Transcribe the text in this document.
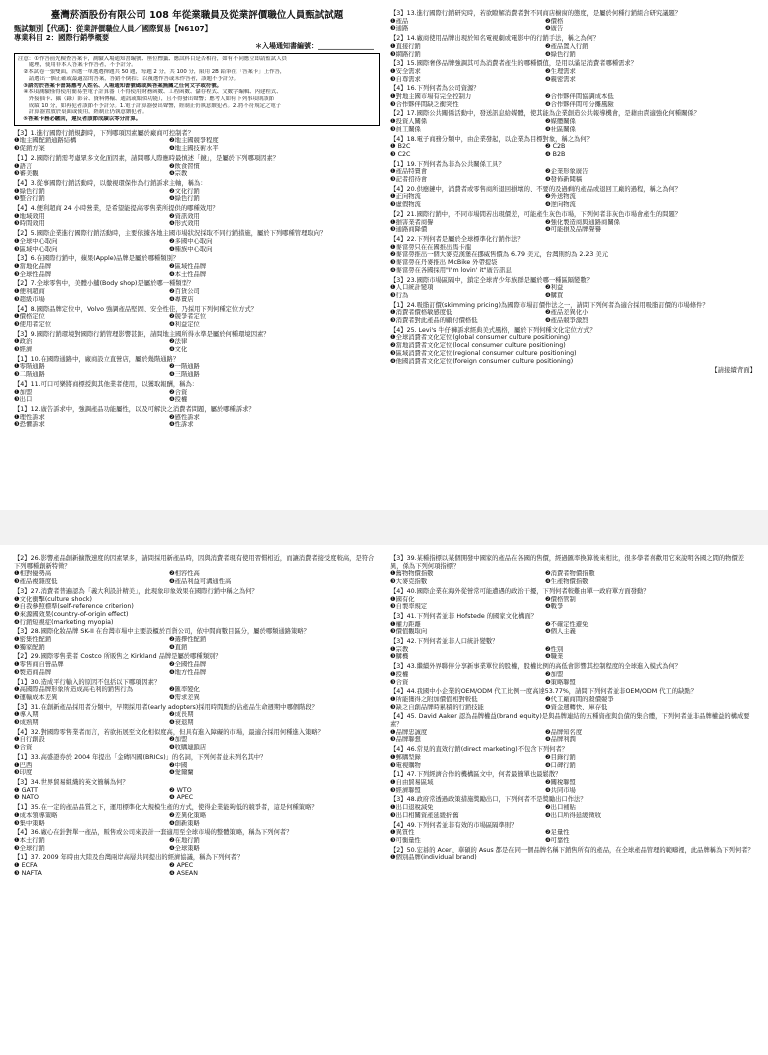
臺灣菸酒股份有限公司 108 年從業職員及從業評價職位人員甄試試題
甄試類別【代碼】：從業評價職位人員／國際貿易【N6107】
專業科目 2：國際行銷學概要
＊入場通知書編號：________________
注意：①作答前先檢查答案卡，測驗入場通知書編號、座位標籤、應試科目是否相符，如有不同應立即請監試人員
　　處理，使用非本人答案卡作答者，不予計分。
　②本試卷一張雙面，四選一單選選擇題共 50 題，每題 2 分，共 100 分，限用 2B 鉛筆在「答案卡」上作答，
　　請選出一個正確或最適當的答案，答錯不倒扣；以複選作答或未作答者，該題不予計分。
　③請勿於答案卡書寫應考人姓名、入場通知書號碼或與答案無關之任何文字或符號。
　④本項測驗僅得使用簡易型電子計算器（不得使用財務函數、工程函數、儲存程式、文數字編輯、內建程式、
　　外接插卡、攝（錄）影音、資料傳輸、通訊或類似功能），且不得發出聲響；應考人如有下列事項則該節
　　成績 10 分，如再犯者該節不予計分。1.電子計算器發出聲響，經制止仍執意續犯者。2.將不符規定之電子
　　計算器置放於桌面或使用，經制止仍執意續犯者。
　⑤答案卡務必繳回，違反者該節成績以零分計算。
【3】1.進行國際行銷規劃時，下列哪項因素屬於廠商可控制者？
❶地主國配銷通路結構	❷地主國競爭程度
❸促銷方案	❹地主國技術水平
【1】2.國際行銷需考慮眾多文化面因素，請問哪人際應時最慎述「鏡」，是屬於下列哪項因素？
❶語言	❷飲食習慣
❸審美觀	❹宗教
【4】3.從事國際行銷活動時，以徹視環保作為行銷訴求主軸，稱為：
❶綠色行銷	❷文化行銷
❸整合行銷	❹綠色行銷
【4】4.便利超商 24 小時營業，是希望能提高零售業所提供的哪種效用？
❶地域效用	❷資訊效用
❸時間效用	❹形式效用
【2】5.國際企業進行國際行銷活動時，主要依據各地主國市場狀況採取不同行銷措施，屬於下列哪種管理取向？
❶全球中心取向	❷多國中心取向
❸區域中心取向	❹種族中心取向
【3】6.在國際行銷中，蘋果(Apple)品牌是屬於哪種類別？
❶當地化品牌	❷區域性品牌
❸全球性品牌	❹本土性品牌
【2】7.全球零售中，美體小舖(Body shop)是屬於哪一種類型？
❶便利超商	❷百貨公司
❸超級市場	❹專賣店
【4】8.國際品牌定位中，Volvo 強調產品堅固、安全性佳，乃採用下列何種定位方式？
❶價格定位	❷競爭者定位
❸使用者定位	❹利益定位
【3】9.國際行銷環境對國際行銷管理影響甚鉅，請問地主國所得水準是屬於何種環境因素？
❶政治	❷法律
❸經濟	❹文化
【1】10.在國際通路中，廠商設立直營店，屬於幾階通路？
❶零階通路	❷一階通路
❸二階通路	❹三階通路
【4】11.可口可樂將商標授與其他業者使用，以獲取報酬，稱為：
❶加盟	❷合資
❸出口	❹授權
【1】12.廣告訴求中，強調產品功能屬性，以及可解決之消費者問題，屬於哪種訴求？
❶理性訴求	❷感性訴求
❸恐懼訴求	❹性訴求
【3】13.進行國際行銷研究時，若欲瞭解消費者對不同商店櫥窗的態度，是屬於何種行銷組合研究議題？
❶產品	❷價格
❸通路	❹廣告
【2】14.廠商使用品牌出現於知名電視劇或電影中的行銷手法，稱之為何？
❶直接行銷	❷產品置入行銷
❸網路行銷	❹綠色行銷
【3】15.國際奢侈品牌強調其可為消費者產生的哪種價值，是用以滿足消費者哪種需求？
❶安全需求	❷生理需求
❸自尊需求	❹親密需求
【4】16.下列何者為公司資源？
❶對地主國市場有完全控制力	❷合作夥伴間協調成本低
❸合作夥伴間缺乏衝突性	❹合作夥伴間可分攤風險
【2】17.國際公共關係活動中，發送訊息給媒體，使其能為企業創造公共報導機會，是藉由責適強化何種關係？
❶投資人關係	❷媒體關係
❸員工關係	❹社區關係
【4】18.電子商務分類中，由企業發起，以企業為目標對象，稱之為何？
❶ B2C	❷ C2B
❸ C2C	❹ B2B
【1】19.下列何者為非為公共關係工具？
❶產品特賣會	❷企業形象廣告
❸記者招待會	❹發佈新聞稿
【4】20.供應鏈中，消費者或零售商所退回損壞的、不要的及過剩的產品或退回工廠的過程，稱之為何？
❶正向物流	❷外送物流
❸虛假物流	❹逆向物流
【2】21.國際行銷中，不同市場間若出現價差，可能產生灰色市場，下列何者非灰色市場會產生的問題？
❶損害業者商譽	❷強化製造商與通路商關係
❸通路商降價	❹可能損及品牌聲譽
【4】22.下列何者是屬於全球標準化行銷作法？
❶麥當勞只在在國推出馬卡龍
❷麥當勞推出一個大麥克漢堡在挪威售價為 6.79 美元，台灣則約為 2.23 美元
❸麥當勞在丹麥推出 McBike 外帶提袋
❹麥當勞在各國採用"I'm lovin' it"廣告訊息
【3】23.國際市場區隔中，鎖定全球青少年族群是屬於哪一種區隔變數？
❶人口統計變項	❷利益
❸行為	❹購買
【1】24.吸脂訂價(skimming pricing)為國際市場訂價作法之一，請問下列何者為適合採用吸脂訂價的市場條件？
❶消費者價格敏感度低	❷產品差異化小
❸消費者對此產品的顧付價格低	❹產品競爭激烈
【4】25. Levi's 牛仔褲訴求經典美式風格，屬於下列何種文化定位方式？
❶全球消費者文化定位(global consumer culture positioning)
❷當地消費者文化定位(local consumer culture positioning)
❸區域消費者文化定位(regional consumer culture positioning)
❹他國消費者文化定位(foreign consumer culture positioning)
【請接續背面】
【2】26.影響產品創新擴散速度的因素眾多，請問採用新產品時，因與消費者現有使用習慣相近，而讓消費者接受度較高，是符合下列哪種創新特徵？
❶相對優勢高	❷相容性高
❸產品複雜度低	❹產品利益可溝通性高
【3】27.消費者普遍認為「義大利設計精美」，此現象印象效果在國際行銷中稱之為何？
❶文化衝擊(culture shock)
❷自我參照標準(self-reference criterion)
❸來源國效果(country-of-origin effect)
❹行銷短視症(marketing myopia)
【3】28.國際化妝品牌 SK-II 在台灣市場中主要設櫃於百貨公司，依中間商數目區分，屬於哪類通路策略？
❶密集性配銷	❷選擇性配銷
❸獨家配銷	❹直銷
【2】29.國際零售業者 Costco 所販售之 Kirkland 品牌是屬於哪種類別？
❶零售商自營品牌	❷全國性品牌
❸製造商品牌	❹地方性品牌
【1】30.造成平行輸入的原因不包括以下哪項因素？
❶高國際品牌形象所造成高毛利的銷售行為	❷匯率變化
❸運輸成本差異	❹需求差異
【3】31.在創新產品採用者分類中，早期採用者(early adopters)採用時間點約佔產品生命週期中哪個階段？
❶導入期	❷成長期
❸成熟期	❹衰退期
【4】32.對國際零售業者而言，若欲拓展至文化相似度高，但具有進入障礙的市場，最適合採用何種進入策略？
❶自行創設	❷加盟
❸合資	❹收購連鎖店
【1】33.高盛證券於 2004 年提出「金磚四國(BRICs)」的名詞，下列何者並未列名其中？
❶巴西	❷中國
❸印度	❹愛爾蘭
【3】34.世界貿易組織的英文簡稱為何？
❶ GATT	❷ WTO
❸ NATO	❹ APEC
【1】35.在一定的產品品質之下，運用標準化大規模生產的方式，使得企業能夠低的競爭者，這是何種策略？
❶成本領導策略	❷差異化策略
❸集中策略	❹創新策略
【4】36.廠心在針對單一產品，販售或公司來設計一套適用至全球市場的整體策略，稱為下列何者？
❶本土行銷	❷在地行銷
❸全球行銷	❹全球策略
【1】37. 2009 年時由大陸及台灣兩岸高層共同提出的經濟協議，稱為下列何者？
❶ ECFA	❷ APEC
❸ NAFTA	❹ ASEAN
【3】39.某種指標以某個開發中國家的產品在各國的售價，經過匯率換算後來相比，很多學者喜歡用它來說明各國之間的物價差異，係為下列何項指標？
❶舊物物價指數	❷消費者物價指數
❸大麥克指數	❹生產物價指數
【4】40.國際企業在海外從營常可能遭遇的政治干擾，下列何者較難由單一政府單方面發動？
❶國有化	❷價格管制
❸自製率規定	❹戰爭
【3】41.下列何者並非 Hofstede 的國家文化構面？
❶權力距離	❷不確定性避免
❸價值觀取向	❹個人主義
【3】42.下列何者並非人口統計變數？
❶宗教	❷性別
❸購機	❹職業
【3】43.繼續外界聯伴分享新事業單位的股權，股權比例的高低會影響其控制程度的全球進入模式為何？
❶授權	❷加盟
❸合資	❹策略聯盟
【4】44.我國中小企業的OEM/ODM 代工比例一度高達53.77%，請問下列何者並非OEM/ODM 代工的缺點？
❶所能獲得之附加價值相對較低	❷代工廠商間的殺價競爭
❸缺乏自創品牌時累積的行銷技能	❹資金週轉快、庫存低
【4】45. David Aaker 認為品牌權益(brand equity)是與品牌連結的五種資產與負債的集合體，下列何者並非品牌權益的構成要素？
❶品牌忠誠度	❷品牌知名度
❸品牌聯想	❹品牌利潤
【4】46.常見的直效行銷(direct marketing)不包含下列何者？
❶郵購型錄	❷目錄行銷
❸電視購物	❹口碑行銷
【1】47.下列經濟合作的機構區文中，何者最簡單也最鬆散？
❶自由貿易區域	❷關稅聯盟
❸經濟聯盟	❹共同市場
【3】48.政府常透過政策措施獎勵出口，下列何者不是獎勵出口作法？
❶出口退稅減免	❷出口補貼
❸出口相關資產延緩折舊	❹出口所得延緩徵收
【4】49.下列何者並非有效的市場區隔準則？
❶異質性	❷足量性
❸可衡量性	❹可靠性
【2】50.宏碁的 Acer、華碩的 Asus 都是在同一個品牌名稱下銷售所有的產品，在全球產品管理的範疇裡，此品牌稱為下列何者？
❶個別品牌(individual brand)
